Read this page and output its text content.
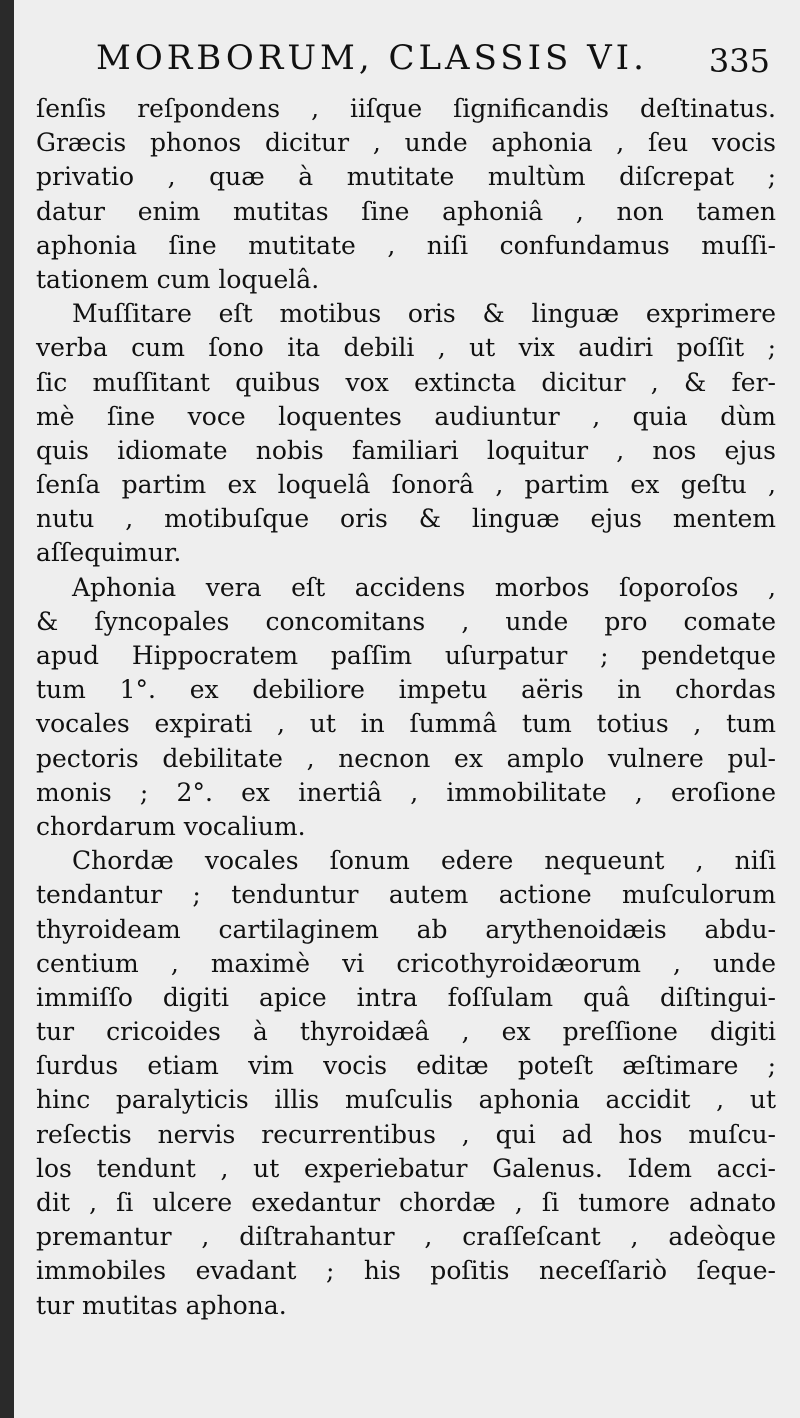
MORBORUM, CLASSIS VI. 335
ſenſis reſpondens , iiſque ſignificandis deſtinatus.
Græcis phonos dicitur , unde aphonia , ſeu vocis
privatio , quæ à mutitate multùm diſcrepat ;
datur enim mutitas ſine aphoniâ , non tamen
aphonia ſine mutitate , niſi confundamus muſſi-
tationem cum loquelâ.
Muſſitare eſt motibus oris & linguæ exprimere
verba cum ſono ita debili , ut vix audiri poſſit ;
ſic muſſitant quibus vox extincta dicitur , & fer-
mè ſine voce loquentes audiuntur , quia dùm
quis idiomate nobis familiari loquitur , nos ejus
ſenſa partim ex loquelâ ſonorâ , partim ex geſtu ,
nutu , motibuſque oris & linguæ ejus mentem
aſſequimur.
Aphonia vera eſt accidens morbos ſoporoſos ,
& ſyncopales concomitans , unde pro comate
apud Hippocratem paſſim uſurpatur ; pendetque
tum 1°. ex debiliore impetu aëris in chordas
vocales expirati , ut in ſummâ tum totius , tum
pectoris debilitate , necnon ex amplo vulnere pul-
monis ; 2°. ex inertiâ , immobilitate , eroſione
chordarum vocalium.
Chordæ vocales ſonum edere nequeunt , niſi
tendantur ; tenduntur autem actione muſculorum
thyroideam cartilaginem ab arythenoidæis abdu-
centium , maximè vi cricothyroidæorum , unde
immiſſo digiti apice intra foſſulam quâ diſtingui-
tur cricoides à thyroidæâ , ex preſſione digiti
ſurdus etiam vim vocis editæ poteſt æſtimare ;
hinc paralyticis illis muſculis aphonia accidit , ut
reſectis nervis recurrentibus , qui ad hos muſcu-
los tendunt , ut experiebatur Galenus. Idem acci-
dit , ſi ulcere exedantur chordæ , ſi tumore adnato
premantur , diſtrahantur , craſſeſcant , adeòque
immobiles evadant ; his poſitis neceſſariò ſeque-
tur mutitas aphona.
